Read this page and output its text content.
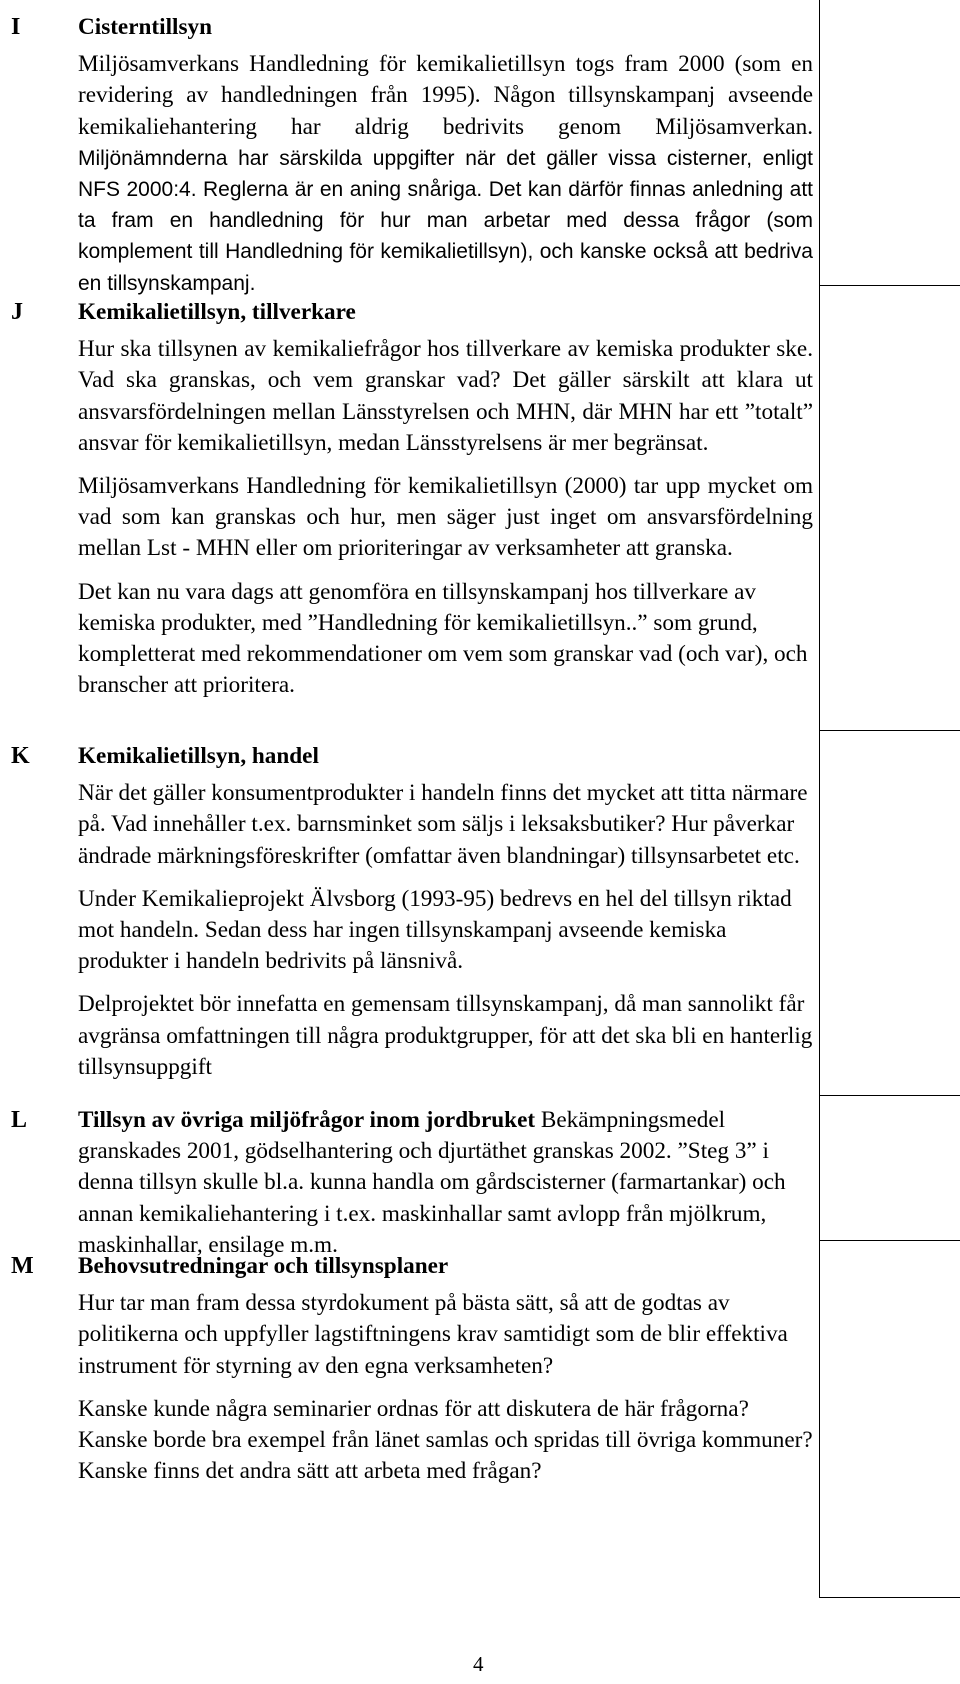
I Cisterntillsyn
Miljösamverkans Handledning för kemikalietillsyn togs fram 2000 (som en revidering av handledningen från 1995). Någon tillsynskampanj avseende kemikaliehantering har aldrig bedrivits genom Miljösamverkan. Miljönämnderna har särskilda uppgifter när det gäller vissa cisterner, enligt NFS 2000:4. Reglerna är en aning snåriga. Det kan därför finnas anledning att ta fram en handledning för hur man arbetar med dessa frågor (som komplement till Handledning för kemikalietillsyn), och kanske också att bedriva en tillsynskampanj.
J Kemikalietillsyn, tillverkare
Hur ska tillsynen av kemikaliefrågor hos tillverkare av kemiska produkter ske. Vad ska granskas, och vem granskar vad? Det gäller särskilt att klara ut ansvarsfördelningen mellan Länsstyrelsen och MHN, där MHN har ett ”totalt” ansvar för kemikalietillsyn, medan Länsstyrelsens är mer begränsat.
Miljösamverkans Handledning för kemikalietillsyn (2000) tar upp mycket om vad som kan granskas och hur, men säger just inget om ansvarsfördelning mellan Lst - MHN eller om prioriteringar av verksamheter att granska.
Det kan nu vara dags att genomföra en tillsynskampanj hos tillverkare av kemiska produkter, med ”Handledning för kemikalietillsyn..” som grund, kompletterat med rekommendationer om vem som granskar vad (och var), och branscher att prioritera.
K Kemikalietillsyn, handel
När det gäller konsumentprodukter i handeln finns det mycket att titta närmare på. Vad innehåller t.ex. barnsminket som säljs i leksaksbutiker? Hur påverkar ändrade märkningsföreskrifter (omfattar även blandningar) tillsynsarbetet etc.
Under Kemikalieprojekt Älvsborg (1993-95) bedrevs en hel del tillsyn riktad mot handeln. Sedan dess har ingen tillsynskampanj avseende kemiska produkter i handeln bedrivits på länsnivå.
Delprojektet bör innefatta en gemensam tillsynskampanj, då man sannolikt får avgränsa omfattningen till några produktgrupper, för att det ska bli en hanterlig tillsynsuppgift
L Tillsyn av övriga miljöfrågor inom jordbruket Bekämpningsmedel granskades 2001, gödselhantering och djurtäthet granskas 2002. ”Steg 3” i denna tillsyn skulle bl.a. kunna handla om gårdscisterner (farmartankar) och annan kemikaliehantering i t.ex. maskinhallar samt avlopp från mjölkrum, maskinhallar, ensilage m.m.
M Behovsutredningar och tillsynsplaner
Hur tar man fram dessa styrdokument på bästa sätt, så att de godtas av politikerna och uppfyller lagstiftningens krav samtidigt som de blir effektiva instrument för styrning av den egna verksamheten?
Kanske kunde några seminarier ordnas för att diskutera de här frågorna? Kanske borde bra exempel från länet samlas och spridas till övriga kommuner? Kanske finns det andra sätt att arbeta med frågan?
4
